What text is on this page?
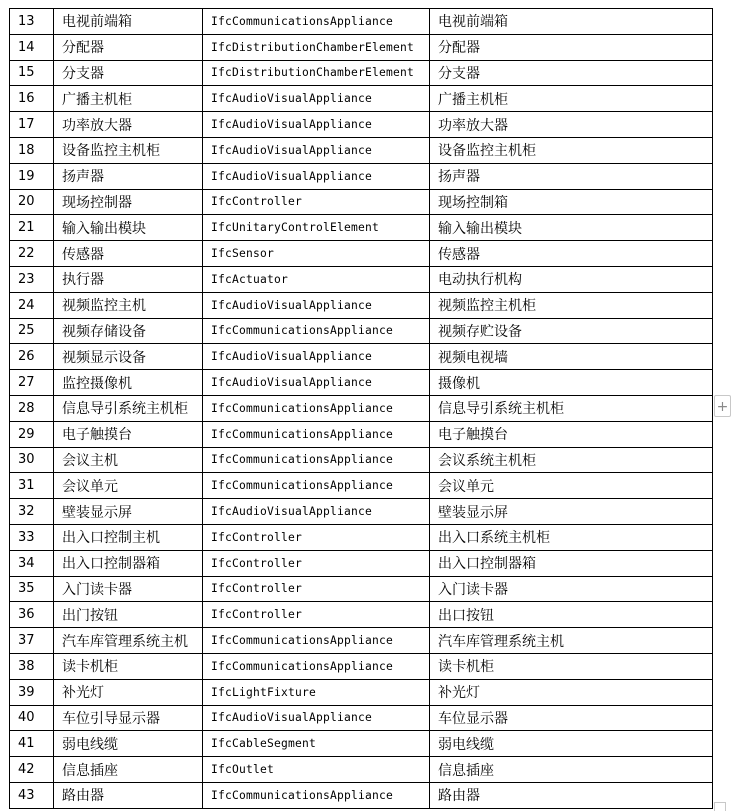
13	电视前端箱	IfcCommunicationsAppliance	电视前端箱
14	分配器	IfcDistributionChamberElement	分配器
15	分支器	IfcDistributionChamberElement	分支器
16	广播主机柜	IfcAudioVisualAppliance	广播主机柜
17	功率放大器	IfcAudioVisualAppliance	功率放大器
18	设备监控主机柜	IfcAudioVisualAppliance	设备监控主机柜
19	扬声器	IfcAudioVisualAppliance	扬声器
20	现场控制器	IfcController	现场控制箱
21	输入输出模块	IfcUnitaryControlElement	输入输出模块
22	传感器	IfcSensor	传感器
23	执行器	IfcActuator	电动执行机构
24	视频监控主机	IfcAudioVisualAppliance	视频监控主机柜
25	视频存储设备	IfcCommunicationsAppliance	视频存贮设备
26	视频显示设备	IfcAudioVisualAppliance	视频电视墙
27	监控摄像机	IfcAudioVisualAppliance	摄像机
28	信息导引系统主机柜	IfcCommunicationsAppliance	信息导引系统主机柜
29	电子触摸台	IfcCommunicationsAppliance	电子触摸台
30	会议主机	IfcCommunicationsAppliance	会议系统主机柜
31	会议单元	IfcCommunicationsAppliance	会议单元
32	壁装显示屏	IfcAudioVisualAppliance	壁装显示屏
33	出入口控制主机	IfcController	出入口系统主机柜
34	出入口控制器箱	IfcController	出入口控制器箱
35	入门读卡器	IfcController	入门读卡器
36	出门按钮	IfcController	出口按钮
37	汽车库管理系统主机	IfcCommunicationsAppliance	汽车库管理系统主机
38	读卡机柜	IfcCommunicationsAppliance	读卡机柜
39	补光灯	IfcLightFixture	补光灯
40	车位引导显示器	IfcAudioVisualAppliance	车位显示器
41	弱电线缆	IfcCableSegment	弱电线缆
42	信息插座	IfcOutlet	信息插座
43	路由器	IfcCommunicationsAppliance	路由器
+
